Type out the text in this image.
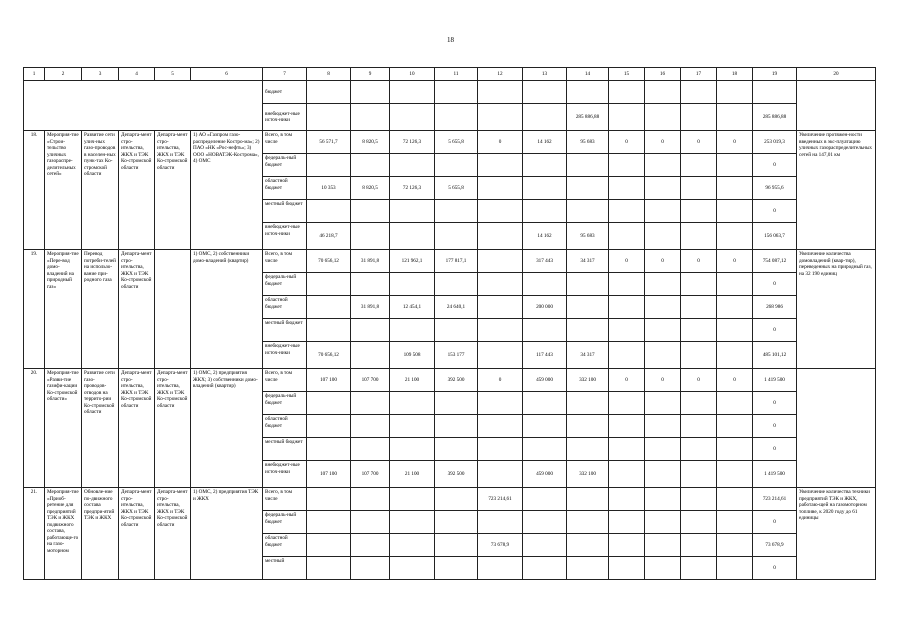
18
1	2	3	4	5	6	7	8	9	10	11	12	13	14	15	16	17	18	19	20
						бюджет													
						внебюджет-ные источ-ники							285 886,88					285 886,88	
18.	Мероприя-тие «Строи-тельство уличных газораспре-делительных сетей»	Развитие сети улич-ных газо-проводов в населен-ных пунк-тах Ко-стромской области	Департа-мент стро-ительства, ЖКХ и ТЭК Ко-стромской области	Департа-мент стро-ительства, ЖКХ и ТЭК Ко-стромской области	1) АО «Газпром газо-распределение Костро-ма»; 2) ПАО «НК «Рос-нефть»; 3) ООО «НОВАТЭК-Кострома», 4) ОМС	Всего, в том числе	56 571,7	8 820,5	72 126,3	5 655,8	0	14 162	95 683	0	0	0	0	253 019,3	Увеличение протяжен-ности введенных в экс-плуатацию уличных газораспределительных сетей на 147,01 км
						федераль-ный бюджет												0	
						областной бюджет	10 353	8 820,5	72 126,3	5 655,8								96 955,6	
						местный бюджет												0	
						внебюджет-ные источ-ники	46 218,7					14 162	95 683					156 063,7	
19.	Мероприя-тие «Пере-вод домо-владений на природный газ»	Перевод потреби-телей на использо-вание при-родного газа	Департа-мент стро-ительства, ЖКХ и ТЭК Ко-стромской области		1) ОМС, 2) собственники домо-владений (квартир)	Всего, в том числе	70 656,12	31 891,8	121 962,1	177 817,1		317 443	34 317	0	0	0	0	754 087,12	Увеличение количества домовладений (квар-тир), переведенных на природный газ, на 32 190 единиц
						федераль-ный бюджет												0	
						областной бюджет		31 891,8	12 454,1	24 640,1		200 000						268 986	
						местный бюджет												0	
						внебюджет-ные источ-ники	70 656,12		109 508	153 177		117 443	34 317					485 101,12	
20.	Мероприя-тие «Разви-тие газифи-кации Ко-стромской области»	Развитие сети газо-проводов-отводов на террито-рии Ко-стромской области	Департа-мент стро-ительства, ЖКХ и ТЭК Ко-стромской области	Департа-мент стро-ительства, ЖКХ и ТЭК Ко-стромской области	1) ОМС, 2) предприятия ЖКХ; 3) собственники домо-владений (квартир)	Всего, в том числе	107 100	107 700	21 100	392 500	0	459 000	332 100	0	0	0	0	1 419 500	
						федераль-ный бюджет												0	
						областной бюджет												0	
						местный бюджет												0	
						внебюджет-ные источ-ники	107 100	107 700	21 100	392 500		459 000	332 100					1 419 500	
21.	Мероприя-тие «Приоб-ретение для предприятий ТЭК и ЖКХ подвижного состава, работающе-го на газо-моторном	Обновле-ние по-движного состава предпри-ятий ТЭК и ЖКХ	Департа-мент стро-ительства, ЖКХ и ТЭК Ко-стромской области	Департа-мент стро-ительства, ЖКХ и ТЭК Ко-стромской области	1) ОМС, 2) предприятия ТЭК и ЖКХ	Всего, в том числе					723 214,61							723 214,61	Увеличение количества техники предприятий ТЭК и ЖКХ, работаю-щей на газомоторном топливе, к 2020 году до 61 единицы
						федераль-ный бюджет												0	
						областной бюджет					73 678,9							73 678,9	
						местный												0	
